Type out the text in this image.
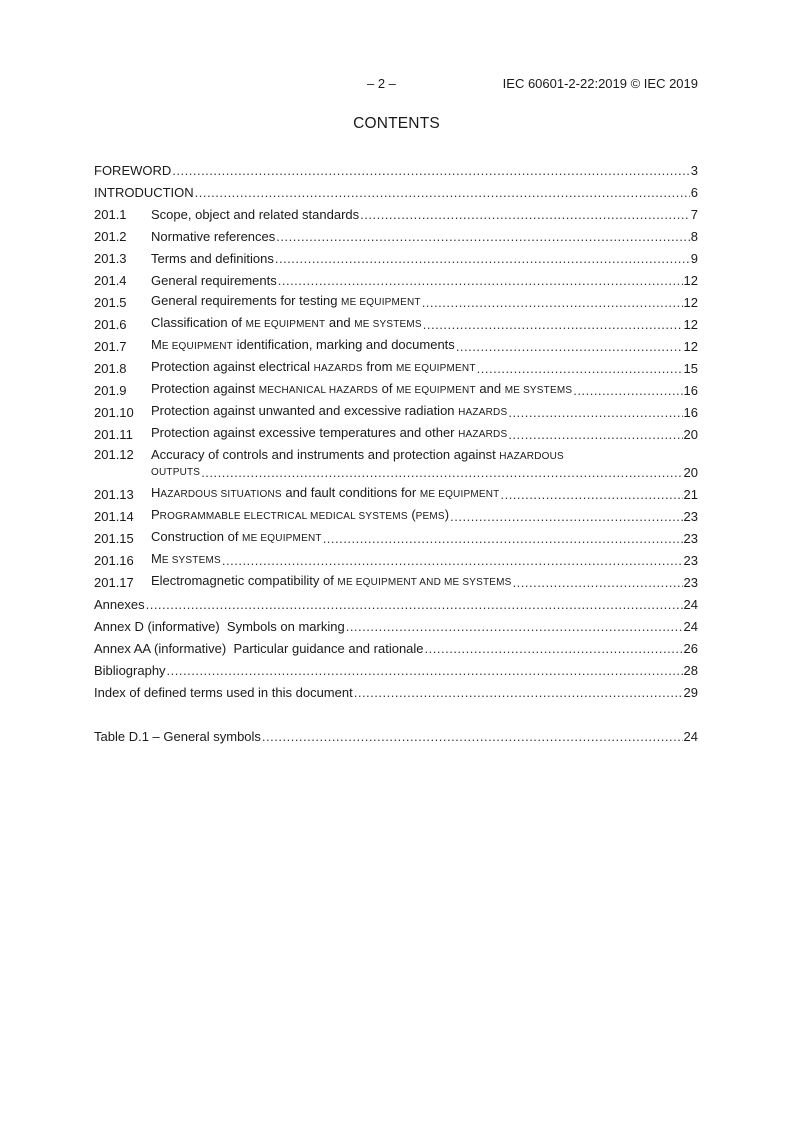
– 2 –	IEC 60601-2-22:2019 © IEC 2019
CONTENTS
FOREWORD .....	3
INTRODUCTION .....	6
201.1	Scope, object and related standards .....	7
201.2	Normative references .....	8
201.3	Terms and definitions .....	9
201.4	General requirements .....	12
201.5	General requirements for testing ME EQUIPMENT .....	12
201.6	Classification of ME EQUIPMENT and ME SYSTEMS .....	12
201.7	ME EQUIPMENT identification, marking and documents .....	12
201.8	Protection against electrical HAZARDS from ME EQUIPMENT .....	15
201.9	Protection against MECHANICAL HAZARDS of ME EQUIPMENT and ME SYSTEMS .....	16
201.10	Protection against unwanted and excessive radiation HAZARDS .....	16
201.11	Protection against excessive temperatures and other HAZARDS .....	20
201.12	Accuracy of controls and instruments and protection against HAZARDOUS
OUTPUTS .....	20
201.13	HAZARDOUS SITUATIONS and fault conditions for ME EQUIPMENT .....	21
201.14	PROGRAMMABLE ELECTRICAL MEDICAL SYSTEMS (PEMS) .....	23
201.15	Construction of ME EQUIPMENT .....	23
201.16	ME SYSTEMS .....	23
201.17	Electromagnetic compatibility of ME EQUIPMENT AND ME SYSTEMS .....	23
Annexes .....	24
Annex D (informative)  Symbols on marking .....	24
Annex AA (informative)  Particular guidance and rationale .....	26
Bibliography .....	28
Index of defined terms used in this document .....	29
Table D.1 – General symbols .....	24
